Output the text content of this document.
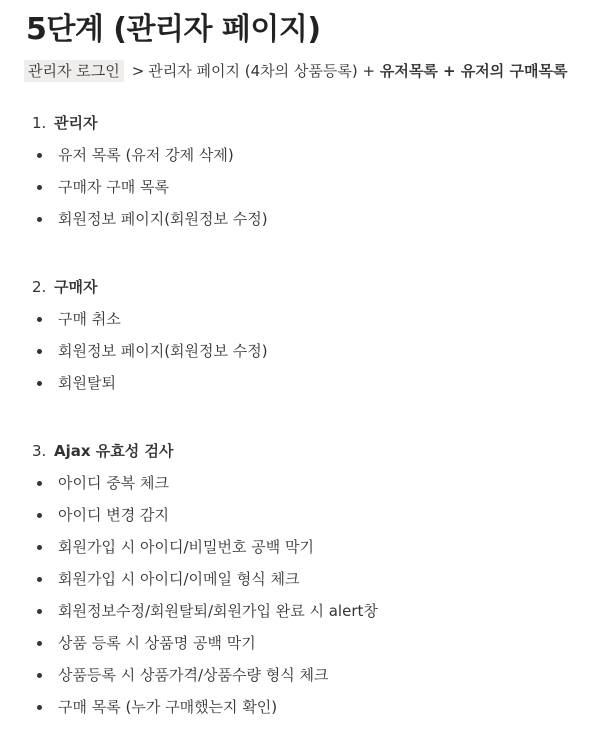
5단계 (관리자 페이지)
관리자 로그인 > 관리자 페이지 (4차의 상품등록) + 유저목록 + 유저의 구매목록
1. 관리자
유저 목록 (유저 강제 삭제)
구매자 구매 목록
회원정보 페이지(회원정보 수정)
2. 구매자
구매 취소
회원정보 페이지(회원정보 수정)
회원탈퇴
3. Ajax 유효성 검사
아이디 중복 체크
아이디 변경 감지
회원가입 시 아이디/비밀번호 공백 막기
회원가입 시 아이디/이메일 형식 체크
회원정보수정/회원탈퇴/회원가입 완료 시 alert창
상품 등록 시 상품명 공백 막기
상품등록 시 상품가격/상품수량 형식 체크
구매 목록 (누가 구매했는지 확인)
